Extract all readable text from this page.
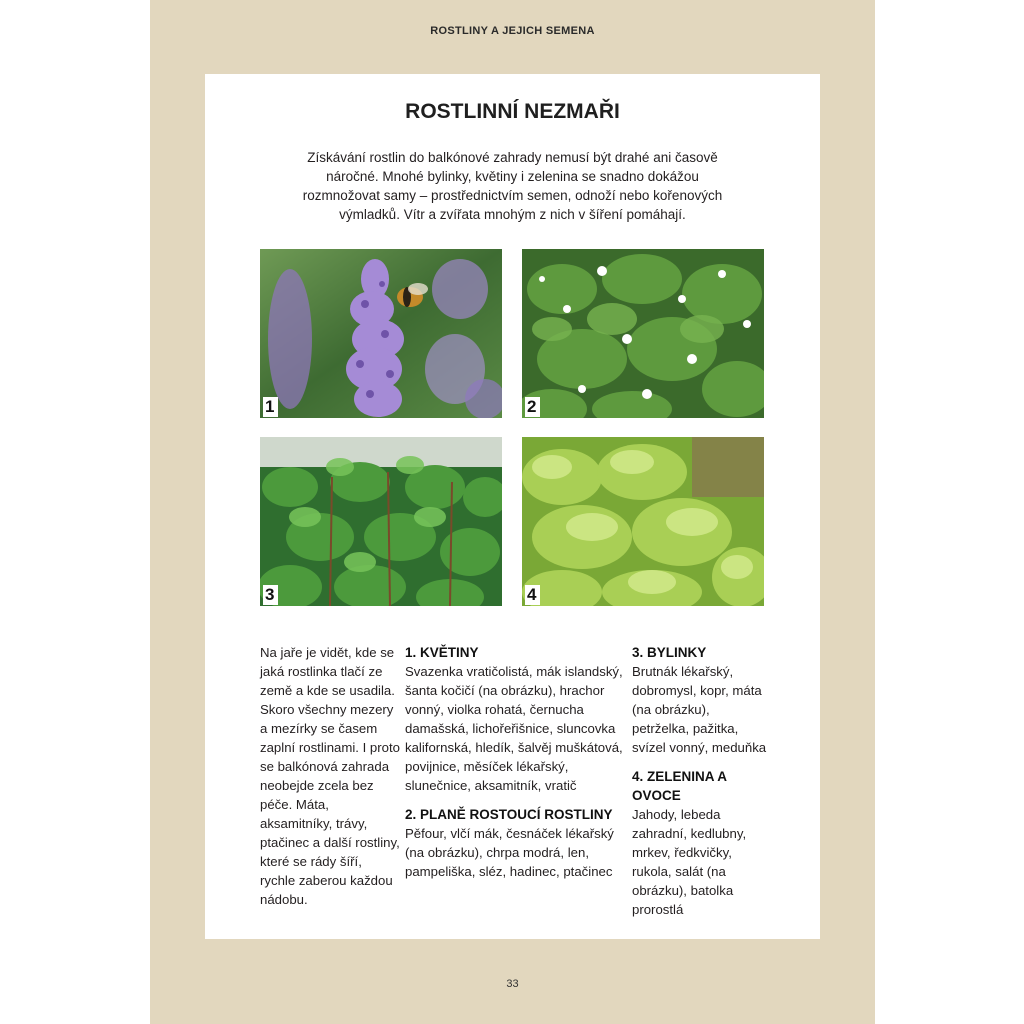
ROSTLINY A JEJICH SEMENA
ROSTLINNÍ NEZMAŘI
Získávání rostlin do balkónové zahrady nemusí být drahé ani časově náročné. Mnohé bylinky, květiny i zelenina se snadno dokážou rozmnožovat samy – prostřednictvím semen, odnoží nebo kořenových výmladků. Vítr a zvířata mnohým z nich v šíření pomáhají.
1	2
3	4

Na jaře je vidět, kde se jaká rostlinka tlačí ze země a kde se usadila. Skoro všechny mezery a mezírky se časem zaplní rostlinami. I proto se balkónová zahrada neobejde zcela bez péče. Máta, aksamitníky, trávy, ptačinec a další rostliny, které se rády šíří, rychle zaberou každou nádobu.

1. KVĚTINY

Svazenka vratičolistá, mák islandský, šanta kočičí (na obrázku), hrachor vonný, violka rohatá, černucha damašská, lichořeřišnice, sluncovka kalifornská, hledík, šalvěj muškátová, povijnice, měsíček lékařský, slunečnice, aksamitník, vratič

2. PLANĚ ROSTOUCÍ ROSTLINY

Pěfour, vlčí mák, česnáček lékařský (na obrázku), chrpa modrá, len, pampeliška, sléz, hadinec, ptačinec

3. BYLINKY

Brutnák lékařský, dobromysl, kopr, máta (na obrázku), petrželka, pažitka, svízel vonný, meduňka

4. ZELENINA A OVOCE

Jahody, lebeda zahradní, kedlubny, mrkev, ředkvičky, rukola, salát (na obrázku), batolka prorostlá

33
